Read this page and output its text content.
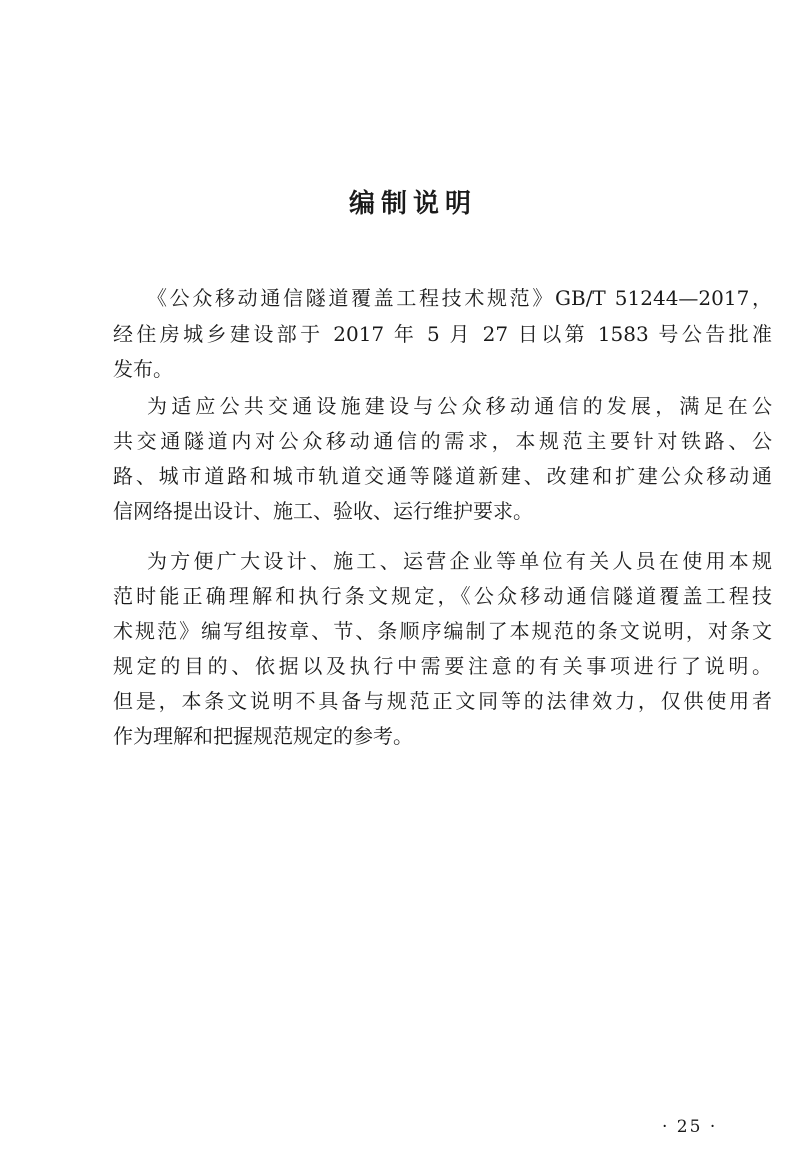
编制说明
《公众移动通信隧道覆盖工程技术规范》GB/T 51244—2017，
经住房城乡建设部于 2017 年 5 月 27 日以第 1583 号公告批准
发布。
为适应公共交通设施建设与公众移动通信的发展，满足在公
共交通隧道内对公众移动通信的需求，本规范主要针对铁路、公
路、城市道路和城市轨道交通等隧道新建、改建和扩建公众移动通
信网络提出设计、施工、验收、运行维护要求。
为方便广大设计、施工、运营企业等单位有关人员在使用本规
范时能正确理解和执行条文规定，《公众移动通信隧道覆盖工程技
术规范》编写组按章、节、条顺序编制了本规范的条文说明，对条文
规定的目的、依据以及执行中需要注意的有关事项进行了说明。
但是，本条文说明不具备与规范正文同等的法律效力，仅供使用者
作为理解和把握规范规定的参考。
· 25 ·
